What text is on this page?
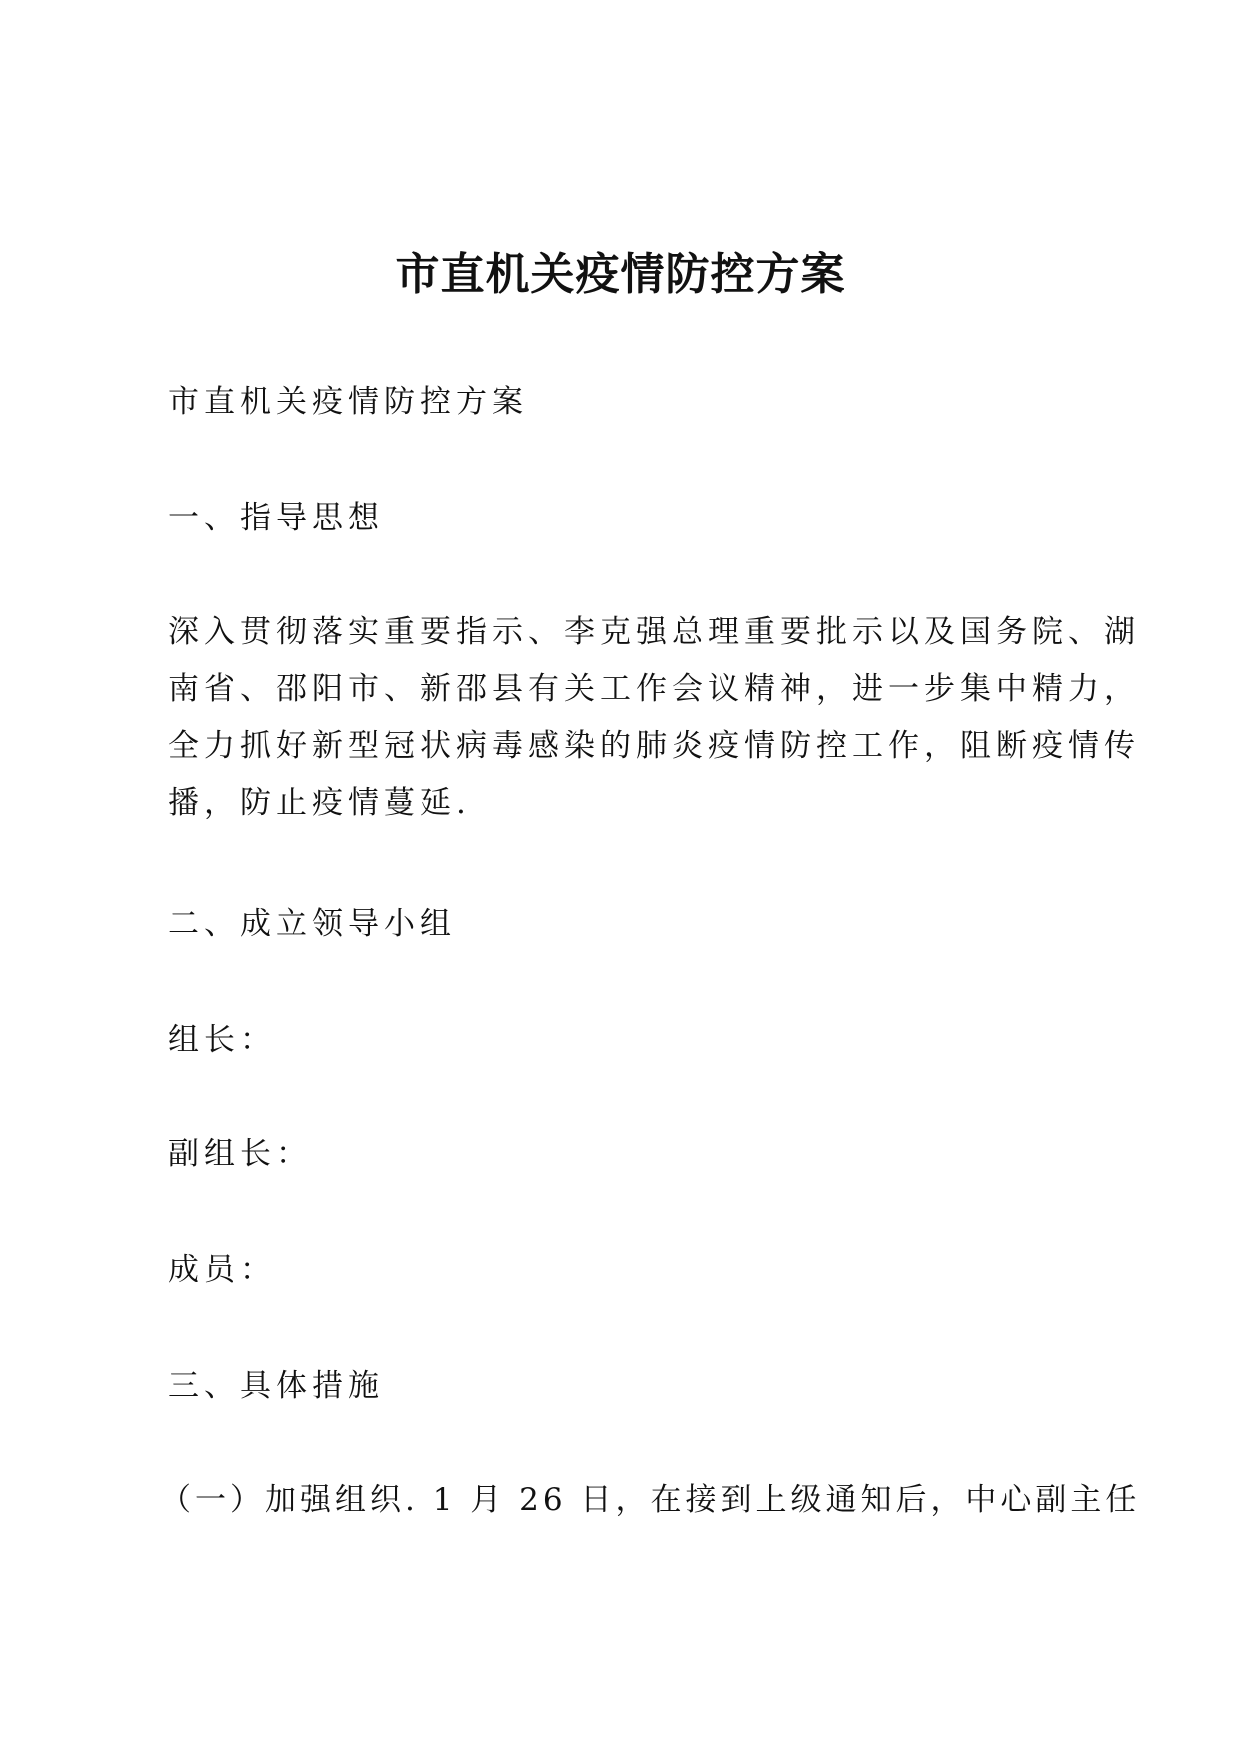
市直机关疫情防控方案

市直机关疫情防控方案

一、指导思想

深入贯彻落实重要指示、李克强总理重要批示以及国务院、湖
南省、邵阳市、新邵县有关工作会议精神，进一步集中精力，
全力抓好新型冠状病毒感染的肺炎疫情防控工作，阻断疫情传
播，防止疫情蔓延.

二、成立领导小组

组长：

副组长：

成员：

三、具体措施

（一）加强组织. 1 月 26 日，在接到上级通知后，中心副主任
